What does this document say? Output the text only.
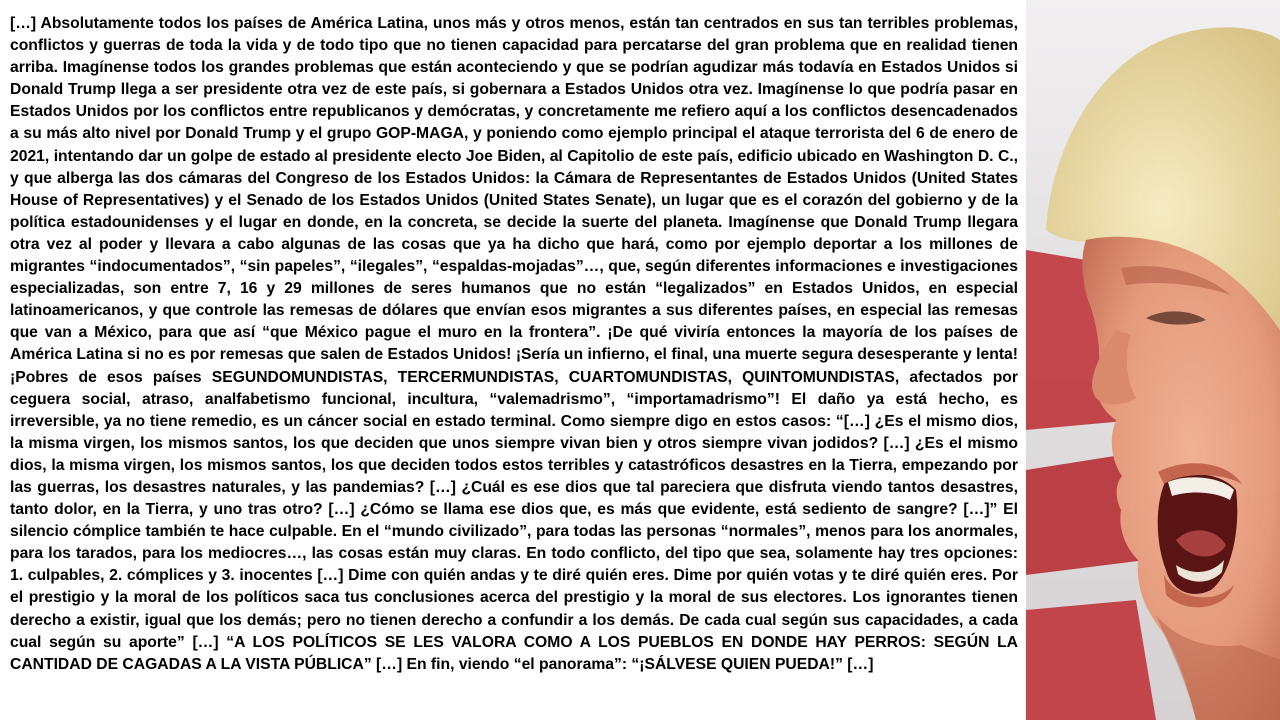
[…] Absolutamente todos los países de América Latina, unos más y otros menos, están tan centrados en sus tan terribles problemas, conflictos y guerras de toda la vida y de todo tipo que no tienen capacidad para percatarse del gran problema que en realidad tienen arriba. Imagínense todos los grandes problemas que están aconteciendo y que se podrían agudizar más todavía en Estados Unidos si Donald Trump llega a ser presidente otra vez de este país, si gobernara a Estados Unidos otra vez. Imagínense lo que podría pasar en Estados Unidos por los conflictos entre republicanos y demócratas, y concretamente me refiero aquí a los conflictos desencadenados a su más alto nivel por Donald Trump y el grupo GOP-MAGA, y poniendo como ejemplo principal el ataque terrorista del 6 de enero de 2021, intentando dar un golpe de estado al presidente electo Joe Biden, al Capitolio de este país, edificio ubicado en Washington D. C., y que alberga las dos cámaras del Congreso de los Estados Unidos: la Cámara de Representantes de Estados Unidos (United States House of Representatives) y el Senado de los Estados Unidos (United States Senate), un lugar que es el corazón del gobierno y de la política estadounidenses y el lugar en donde, en la concreta, se decide la suerte del planeta. Imagínense que Donald Trump llegara otra vez al poder y llevara a cabo algunas de las cosas que ya ha dicho que hará, como por ejemplo deportar a los millones de migrantes “indocumentados”, “sin papeles”, “ilegales”, “espaldas-mojadas”…, que, según diferentes informaciones e investigaciones especializadas, son entre 7, 16 y 29 millones de seres humanos que no están “legalizados” en Estados Unidos, en especial latinoamericanos, y que controle las remesas de dólares que envían esos migrantes a sus diferentes países, en especial las remesas que van a México, para que así “que México pague el muro en la frontera”. ¡De qué viviría entonces la mayoría de los países de América Latina si no es por remesas que salen de Estados Unidos! ¡Sería un infierno, el final, una muerte segura desesperante y lenta! ¡Pobres de esos países SEGUNDOMUNDISTAS, TERCERMUNDISTAS, CUARTOMUNDISTAS, QUINTOMUNDISTAS, afectados por ceguera social, atraso, analfabetismo funcional, incultura, “valemadrismo”, “importamadrismo”! El daño ya está hecho, es irreversible, ya no tiene remedio, es un cáncer social en estado terminal. Como siempre digo en estos casos: “[…] ¿Es el mismo dios, la misma virgen, los mismos santos, los que deciden que unos siempre vivan bien y otros siempre vivan jodidos? […] ¿Es el mismo dios, la misma virgen, los mismos santos, los que deciden todos estos terribles y catastróficos desastres en la Tierra, empezando por las guerras, los desastres naturales, y las pandemias? […] ¿Cuál es ese dios que tal pareciera que disfruta viendo tantos desastres, tanto dolor, en la Tierra, y uno tras otro? […] ¿Cómo se llama ese dios que, es más que evidente, está sediento de sangre? […]” El silencio cómplice también te hace culpable. En el “mundo civilizado”, para todas las personas “normales”, menos para los anormales, para los tarados, para los mediocres…, las cosas están muy claras. En todo conflicto, del tipo que sea, solamente hay tres opciones: 1. culpables, 2. cómplices y 3. inocentes […] Dime con quién andas y te diré quién eres. Dime por quién votas y te diré quién eres. Por el prestigio y la moral de los políticos saca tus conclusiones acerca del prestigio y la moral de sus electores. Los ignorantes tienen derecho a existir, igual que los demás; pero no tienen derecho a confundir a los demás. De cada cual según sus capacidades, a cada cual según su aporte” […] “A LOS POLÍTICOS SE LES VALORA COMO A LOS PUEBLOS EN DONDE HAY PERROS: SEGÚN LA CANTIDAD DE CAGADAS A LA VISTA PÚBLICA” […] En fin, viendo “el panorama”: “¡SÁLVESE QUIEN PUEDA!” […]
